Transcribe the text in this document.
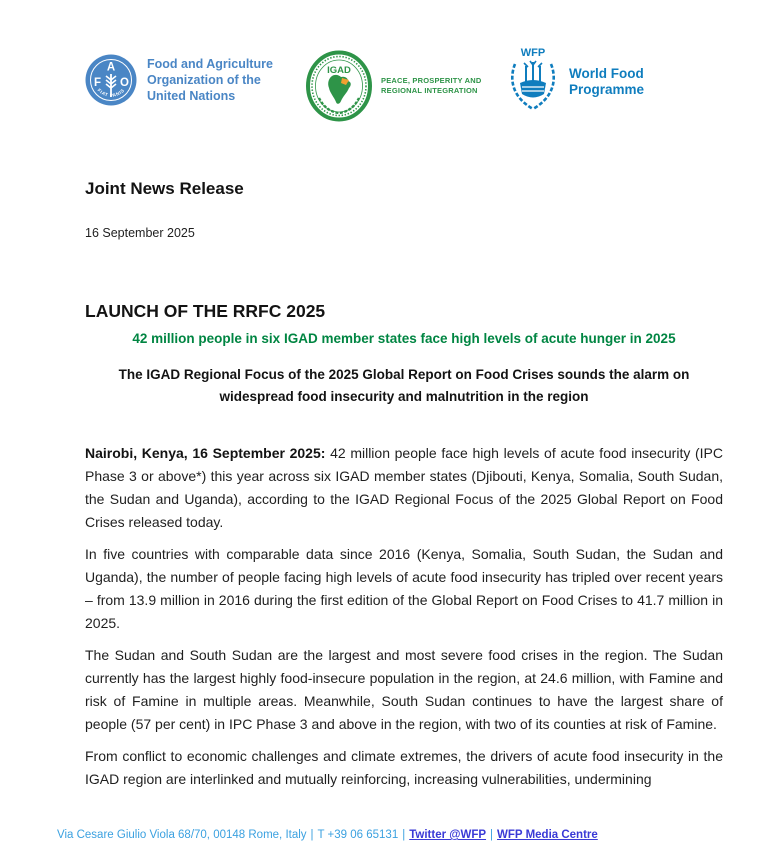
F
A
O
FIAT PANIS
Food and Agriculture Organization of the United Nations
IGAD
PEACE, PROSPERITY AND REGIONAL INTEGRATION
WFP
World Food Programme
Joint News Release
16 September 2025
LAUNCH OF THE RRFC 2025
42 million people in six IGAD member states face high levels of acute hunger in 2025
The IGAD Regional Focus of the 2025 Global Report on Food Crises sounds the alarm on widespread food insecurity and malnutrition in the region

Nairobi, Kenya, 16 September 2025: 42 million people face high levels of acute food insecurity (IPC Phase 3 or above*) this year across six IGAD member states (Djibouti, Kenya, Somalia, South Sudan, the Sudan and Uganda), according to the IGAD Regional Focus of the 2025 Global Report on Food Crises released today.

In five countries with comparable data since 2016 (Kenya, Somalia, South Sudan, the Sudan and Uganda), the number of people facing high levels of acute food insecurity has tripled over recent years – from 13.9 million in 2016 during the first edition of the Global Report on Food Crises to 41.7 million in 2025.

The Sudan and South Sudan are the largest and most severe food crises in the region. The Sudan currently has the largest highly food-insecure population in the region, at 24.6 million, with Famine and risk of Famine in multiple areas. Meanwhile, South Sudan continues to have the largest share of people (57 per cent) in IPC Phase 3 and above in the region, with two of its counties at risk of Famine.

From conflict to economic challenges and climate extremes, the drivers of acute food insecurity in the IGAD region are interlinked and mutually reinforcing, increasing vulnerabilities, undermining

Via Cesare Giulio Viola 68/70, 00148 Rome, Italy | T +39 06 65131 | Twitter @WFP | WFP Media Centre
